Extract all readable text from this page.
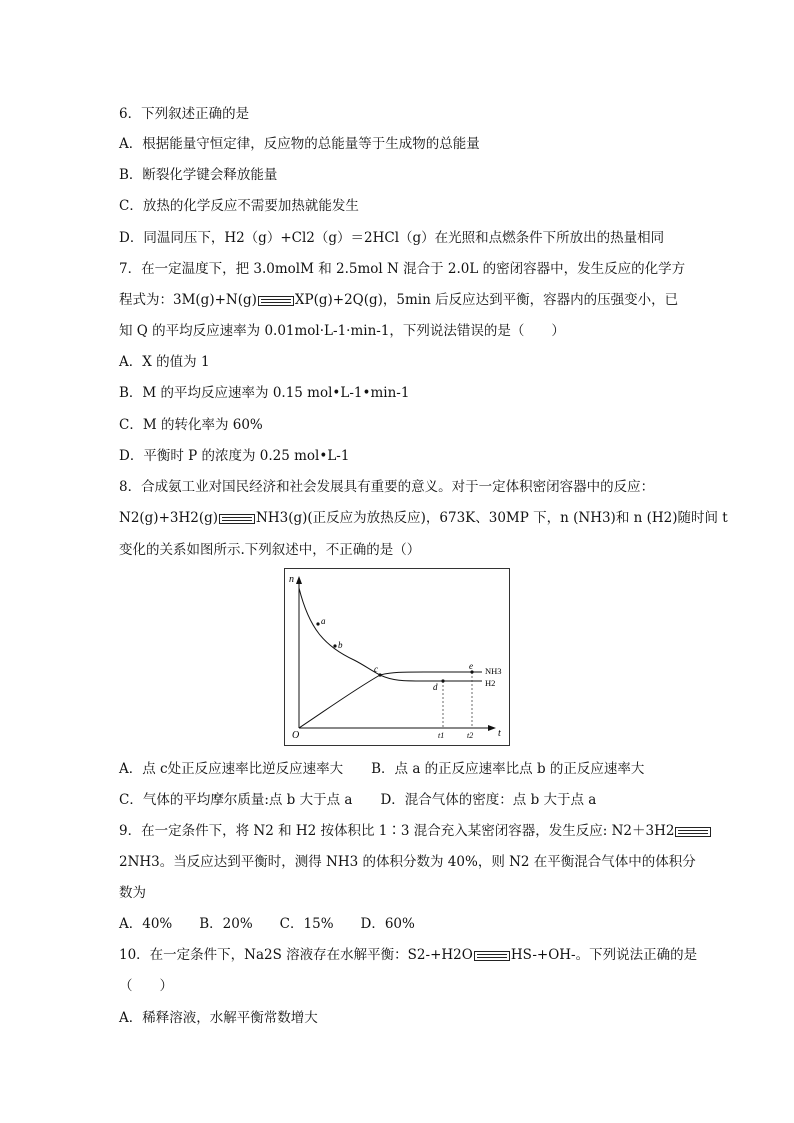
6．下列叙述正确的是

A．根据能量守恒定律，反应物的总能量等于生成物的总能量

B．断裂化学键会释放能量

C．放热的化学反应不需要加热就能发生

D．同温同压下，H2（g）+Cl2（g）＝2HCl（g）在光照和点燃条件下所放出的热量相同

7．在一定温度下，把 3.0molM 和 2.5mol N 混合于 2.0L 的密闭容器中，发生反应的化学方

程式为：3M(g)+N(g)	XP(g)+2Q(g)，5min 后反应达到平衡，容器内的压强变小，已

知 Q 的平均反应速率为 0.01mol·L-1·min-1，下列说法错误的是（　　）

A．X 的值为 1

B．M 的平均反应速率为 0.15 mol•L-1•min-1

C．M 的转化率为 60%

D．平衡时 P 的浓度为 0.25 mol•L-1

8．合成氨工业对国民经济和社会发展具有重要的意义。对于一定体积密闭容器中的反应：

N2(g)+3H2(g)	NH3(g)(正反应为放热反应)，673K、30MP 下，n (NH3)和 n (H2)随时间 t

变化的关系如图所示.下列叙述中，不正确的是（）

n
t
O
a
b
c
d
e NH3
H2
t1	t2

A．点 c处正反应速率比逆反应速率大 B．点 a 的正反应速率比点 b 的正反应速率大

C．气体的平均摩尔质量:点 b 大于点 a D．混合气体的密度：点 b 大于点 a

9．在一定条件下，将 N2 和 H2 按体积比 1∶3 混合充入某密闭容器，发生反应: N2＋3H2

2NH3。当反应达到平衡时，测得 NH3 的体积分数为 40%，则 N2 在平衡混合气体中的体积分

数为

A．40%　　B．20%　　C．15%　　D．60%

10．在一定条件下，Na2S 溶液存在水解平衡：S2-+H2O	HS-+OH-。下列说法正确的是

（　　）

A．稀释溶液，水解平衡常数增大
